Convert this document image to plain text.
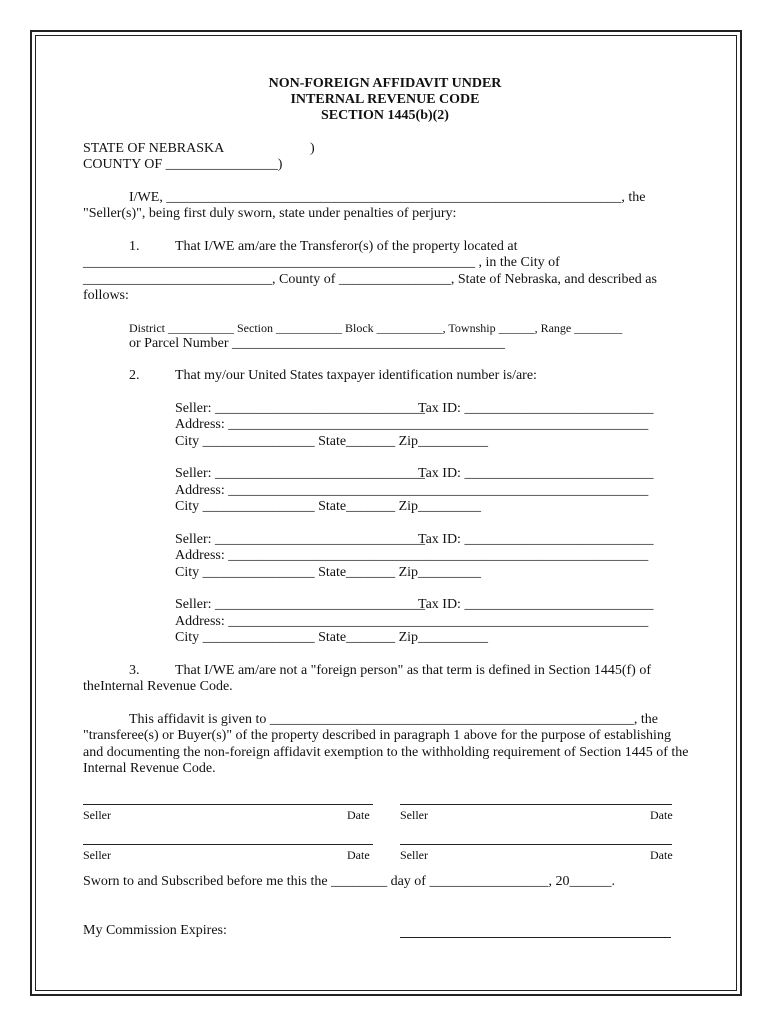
NON-FOREIGN AFFIDAVIT UNDER
INTERNAL REVENUE CODE
SECTION 1445(b)(2)
STATE OF NEBRASKA	)
COUNTY OF ________________)
I/WE, _________________________________________________________________, the
"Seller(s)", being first duly sworn, state under penalties of perjury:
1.	That I/WE am/are the Transferor(s) of the property located at
________________________________________________________ , in the City of
___________________________, County of ________________, State of Nebraska, and described as
follows:
District ___________ Section ___________ Block ___________, Township ______, Range ________
or Parcel Number _______________________________________
2.	That my/our United States taxpayer identification number is/are:
Seller: ______________________________
Tax ID: ___________________________
Address: ____________________________________________________________
City ________________ State_______ Zip__________
Seller: ______________________________
Tax ID: ___________________________
Address: ____________________________________________________________
City ________________ State_______ Zip_________
Seller: ______________________________
Tax ID: ___________________________
Address: ____________________________________________________________
City ________________ State_______ Zip_________
Seller: ______________________________
Tax ID: ___________________________
Address: ____________________________________________________________
City ________________ State_______ Zip__________
3.	That I/WE am/are not a "foreign person" as that term is defined in Section 1445(f) of
theInternal Revenue Code.
This affidavit is given to ____________________________________________________, the
"transferee(s) or Buyer(s)" of the property described in paragraph 1 above for the purpose of establishing
and documenting the non-foreign affidavit exemption to the withholding requirement of Section 1445 of the
Internal Revenue Code.
Seller	Date	Seller	Date
Seller	Date	Seller	Date
Sworn to and Subscribed before me this the ________ day of _________________, 20______.
My Commission Expires:
